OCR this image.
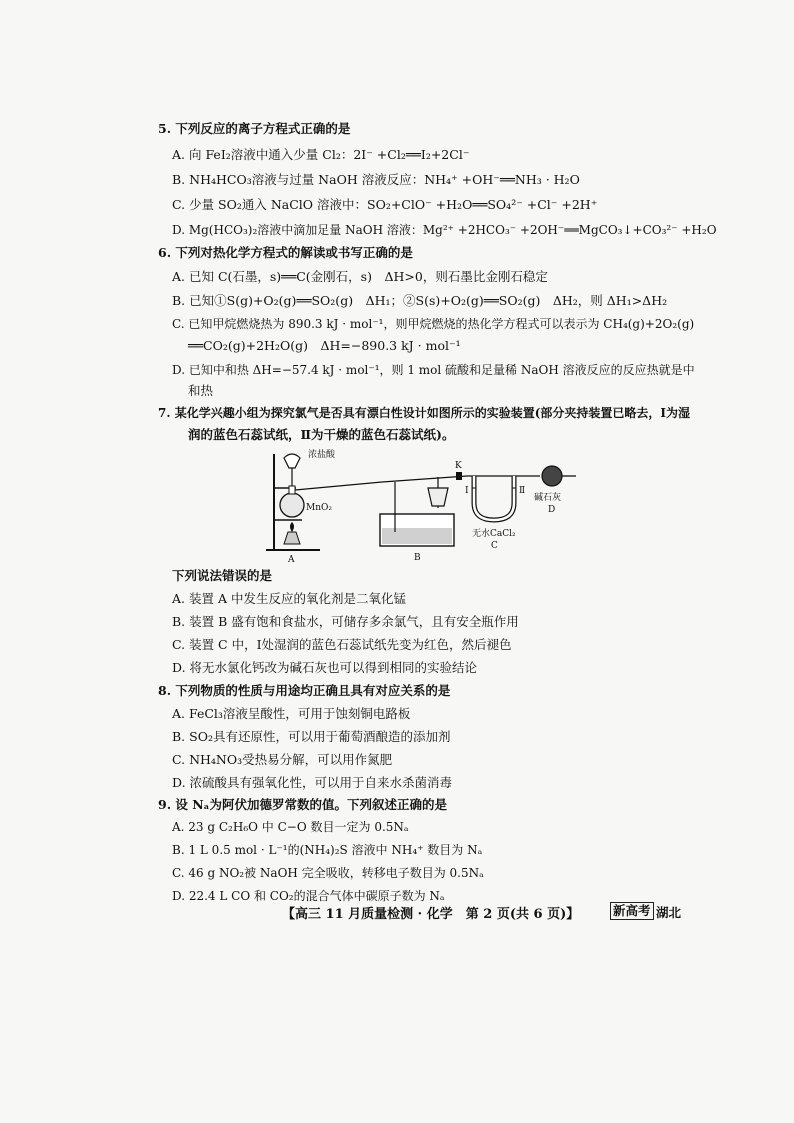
5. 下列反应的离子方程式正确的是
A. 向 FeI₂溶液中通入少量 Cl₂：2I⁻ +Cl₂══I₂+2Cl⁻
B. NH₄HCO₃溶液与过量 NaOH 溶液反应：NH₄⁺ +OH⁻══NH₃ · H₂O
C. 少量 SO₂通入 NaClO 溶液中：SO₂+ClO⁻ +H₂O══SO₄²⁻ +Cl⁻ +2H⁺
D. Mg(HCO₃)₂溶液中滴加足量 NaOH 溶液：Mg²⁺ +2HCO₃⁻ +2OH⁻══MgCO₃↓+CO₃²⁻ +H₂O
6. 下列对热化学方程式的解读或书写正确的是
A. 已知 C(石墨，s)══C(金刚石，s)　ΔH>0，则石墨比金刚石稳定
B. 已知①S(g)+O₂(g)══SO₂(g)　ΔH₁；②S(s)+O₂(g)══SO₂(g)　ΔH₂，则 ΔH₁>ΔH₂
C. 已知甲烷燃烧热为 890.3 kJ · mol⁻¹，则甲烷燃烧的热化学方程式可以表示为 CH₄(g)+2O₂(g)
══CO₂(g)+2H₂O(g)　ΔH=−890.3 kJ · mol⁻¹
D. 已知中和热 ΔH=−57.4 kJ · mol⁻¹，则 1 mol 硫酸和足量稀 NaOH 溶液反应的反应热就是中
和热
7. 某化学兴趣小组为探究氯气是否具有漂白性设计如图所示的实验装置(部分夹持装置已略去，Ⅰ为湿
润的蓝色石蕊试纸，Ⅱ为干燥的蓝色石蕊试纸)。
浓盐酸
MnO₂
K
Ⅰ	Ⅱ
无水CaCl₂
碱石灰
A	B
C
D
下列说法错误的是
A. 装置 A 中发生反应的氧化剂是二氧化锰
B. 装置 B 盛有饱和食盐水，可储存多余氯气，且有安全瓶作用
C. 装置 C 中，Ⅰ处湿润的蓝色石蕊试纸先变为红色，然后褪色
D. 将无水氯化钙改为碱石灰也可以得到相同的实验结论
8. 下列物质的性质与用途均正确且具有对应关系的是
A. FeCl₃溶液呈酸性，可用于蚀刻铜电路板
B. SO₂具有还原性，可以用于葡萄酒酿造的添加剂
C. NH₄NO₃受热易分解，可以用作氮肥
D. 浓硫酸具有强氧化性，可以用于自来水杀菌消毒
9. 设 Nₐ为阿伏加德罗常数的值。下列叙述正确的是
A. 23 g C₂H₆O 中 C−O 数目一定为 0.5Nₐ
B. 1 L 0.5 mol · L⁻¹的(NH₄)₂S 溶液中 NH₄⁺ 数目为 Nₐ
C. 46 g NO₂被 NaOH 完全吸收，转移电子数目为 0.5Nₐ
D. 22.4 L CO 和 CO₂的混合气体中碳原子数为 Nₐ
【高三 11 月质量检测 · 化学　第 2 页(共 6 页)】	新高考 湖北
